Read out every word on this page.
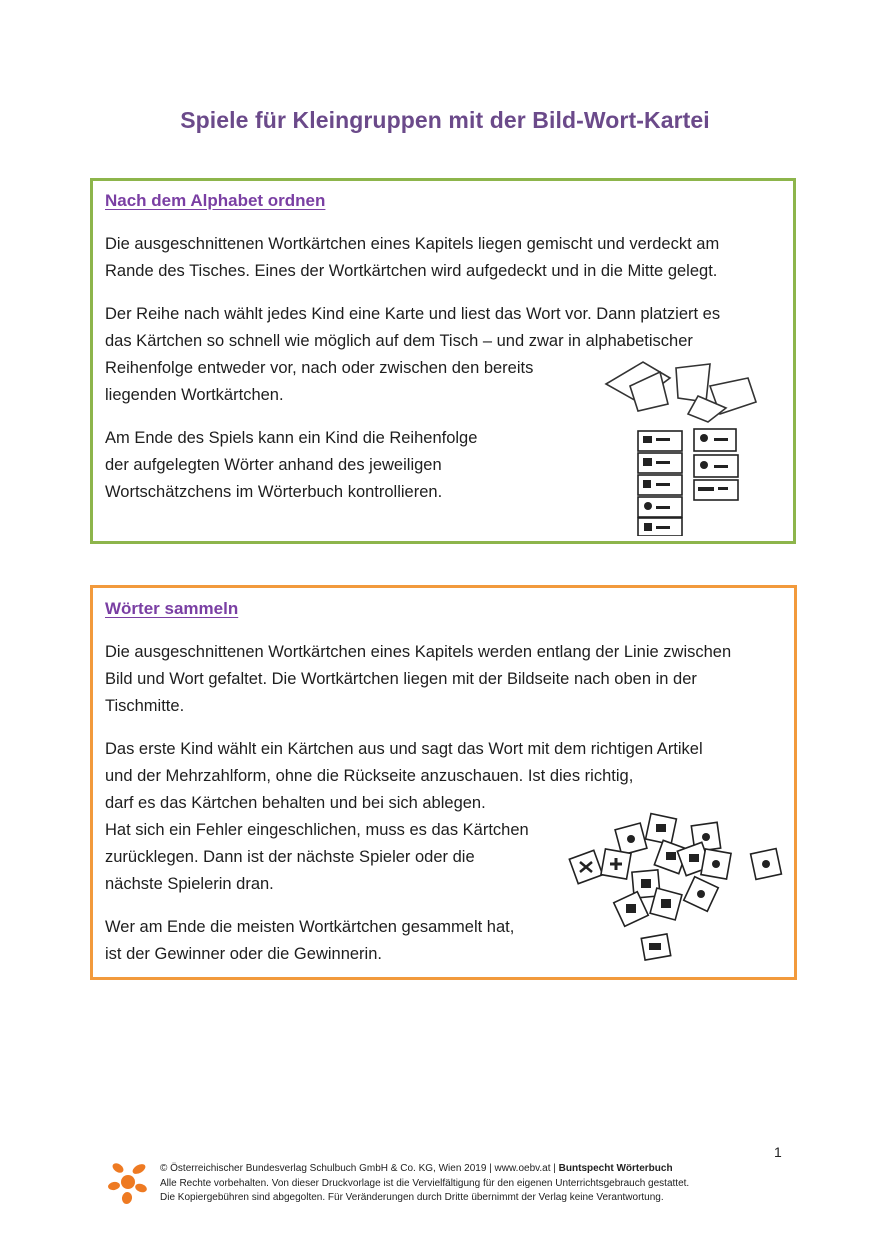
Spiele für Kleingruppen mit der Bild-Wort-Kartei
Nach dem Alphabet ordnen

Die ausgeschnittenen Wortkärtchen eines Kapitels liegen gemischt und verdeckt am
Rande des Tisches. Eines der Wortkärtchen wird aufgedeckt und in die Mitte gelegt.

Der Reihe nach wählt jedes Kind eine Karte und liest das Wort vor. Dann platziert es
das Kärtchen so schnell wie möglich auf dem Tisch – und zwar in alphabetischer
Reihenfolge entweder vor, nach oder zwischen den bereits
liegenden Wortkärtchen.

Am Ende des Spiels kann ein Kind die Reihenfolge
der aufgelegten Wörter anhand des jeweiligen
Wortschätzchens im Wörterbuch kontrollieren.

Wörter sammeln

Die ausgeschnittenen Wortkärtchen eines Kapitels werden entlang der Linie zwischen
Bild und Wort gefaltet. Die Wortkärtchen liegen mit der Bildseite nach oben in der
Tischmitte.

Das erste Kind wählt ein Kärtchen aus und sagt das Wort mit dem richtigen Artikel
und der Mehrzahlform, ohne die Rückseite anzuschauen. Ist dies richtig,
darf es das Kärtchen behalten und bei sich ablegen.
Hat sich ein Fehler eingeschlichen, muss es das Kärtchen
zurücklegen. Dann ist der nächste Spieler oder die
nächste Spielerin dran.

Wer am Ende die meisten Wortkärtchen gesammelt hat,
ist der Gewinner oder die Gewinnerin.

1
© Österreichischer Bundesverlag Schulbuch GmbH & Co. KG, Wien 2019 | www.oebv.at | Buntspecht Wörterbuch
Alle Rechte vorbehalten. Von dieser Druckvorlage ist die Vervielfältigung für den eigenen Unterrichtsgebrauch gestattet.
Die Kopiergebühren sind abgegolten. Für Veränderungen durch Dritte übernimmt der Verlag keine Verantwortung.
